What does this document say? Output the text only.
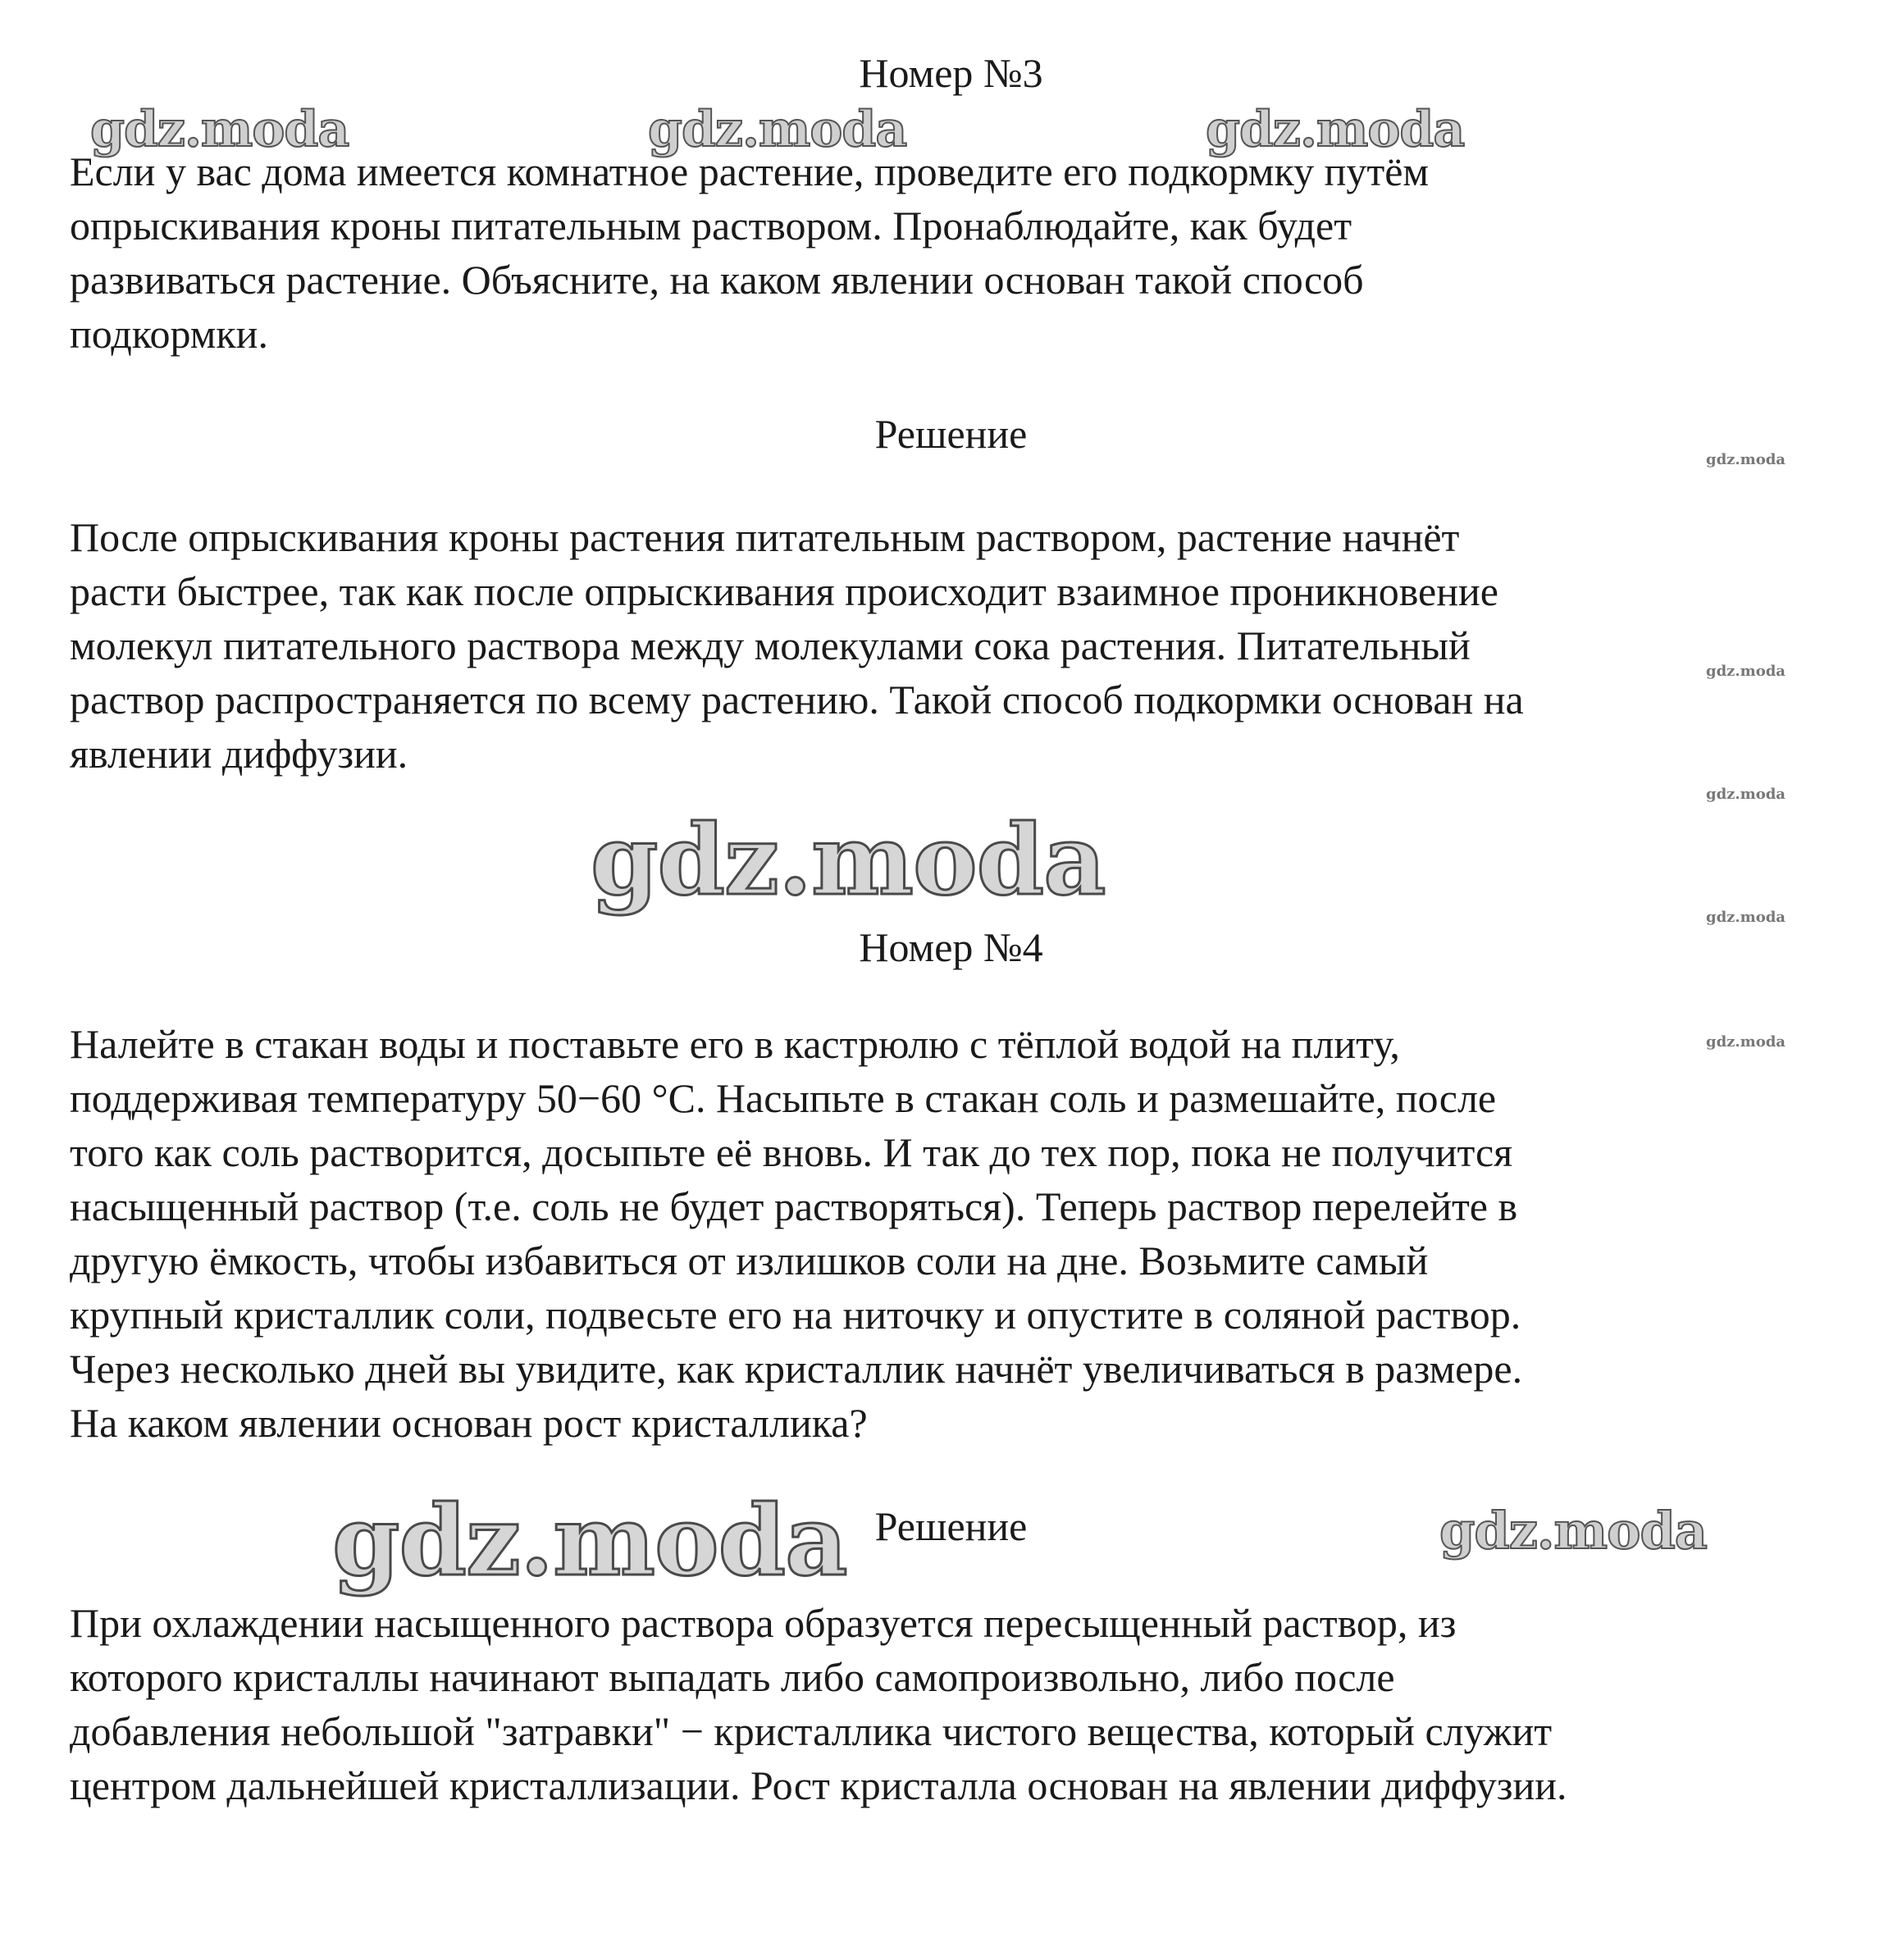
Номер №3
Если у вас дома имеется комнатное растение, проведите его подкормку путём
опрыскивания кроны питательным раствором. Пронаблюдайте, как будет
развиваться растение. Объясните, на каком явлении основан такой способ
подкормки.
Решение
После опрыскивания кроны растения питательным раствором, растение начнёт
расти быстрее, так как после опрыскивания происходит взаимное проникновение
молекул питательного раствора между молекулами сока растения. Питательный
раствор распространяется по всему растению. Такой способ подкормки основан на
явлении диффузии.
Номер №4
Налейте в стакан воды и поставьте его в кастрюлю с тёплой водой на плиту,
поддерживая температуру 50−60 °С. Насыпьте в стакан соль и размешайте, после
того как соль растворится, досыпьте её вновь. И так до тех пор, пока не получится
насыщенный раствор (т.е. соль не будет растворяться). Теперь раствор перелейте в
другую ёмкость, чтобы избавиться от излишков соли на дне. Возьмите самый
крупный кристаллик соли, подвесьте его на ниточку и опустите в соляной раствор.
Через несколько дней вы увидите, как кристаллик начнёт увеличиваться в размере.
На каком явлении основан рост кристаллика?
Решение
При охлаждении насыщенного раствора образуется пересыщенный раствор, из
которого кристаллы начинают выпадать либо самопроизвольно, либо после
добавления небольшой "затравки" − кристаллика чистого вещества, который служит
центром дальнейшей кристаллизации. Рост кристалла основан на явлении диффузии.
gdz.moda	gdz.moda	gdz.moda
gdz.moda
gdz.moda	gdz.moda
gdz.moda
gdz.moda
gdz.moda
gdz.moda
gdz.moda
